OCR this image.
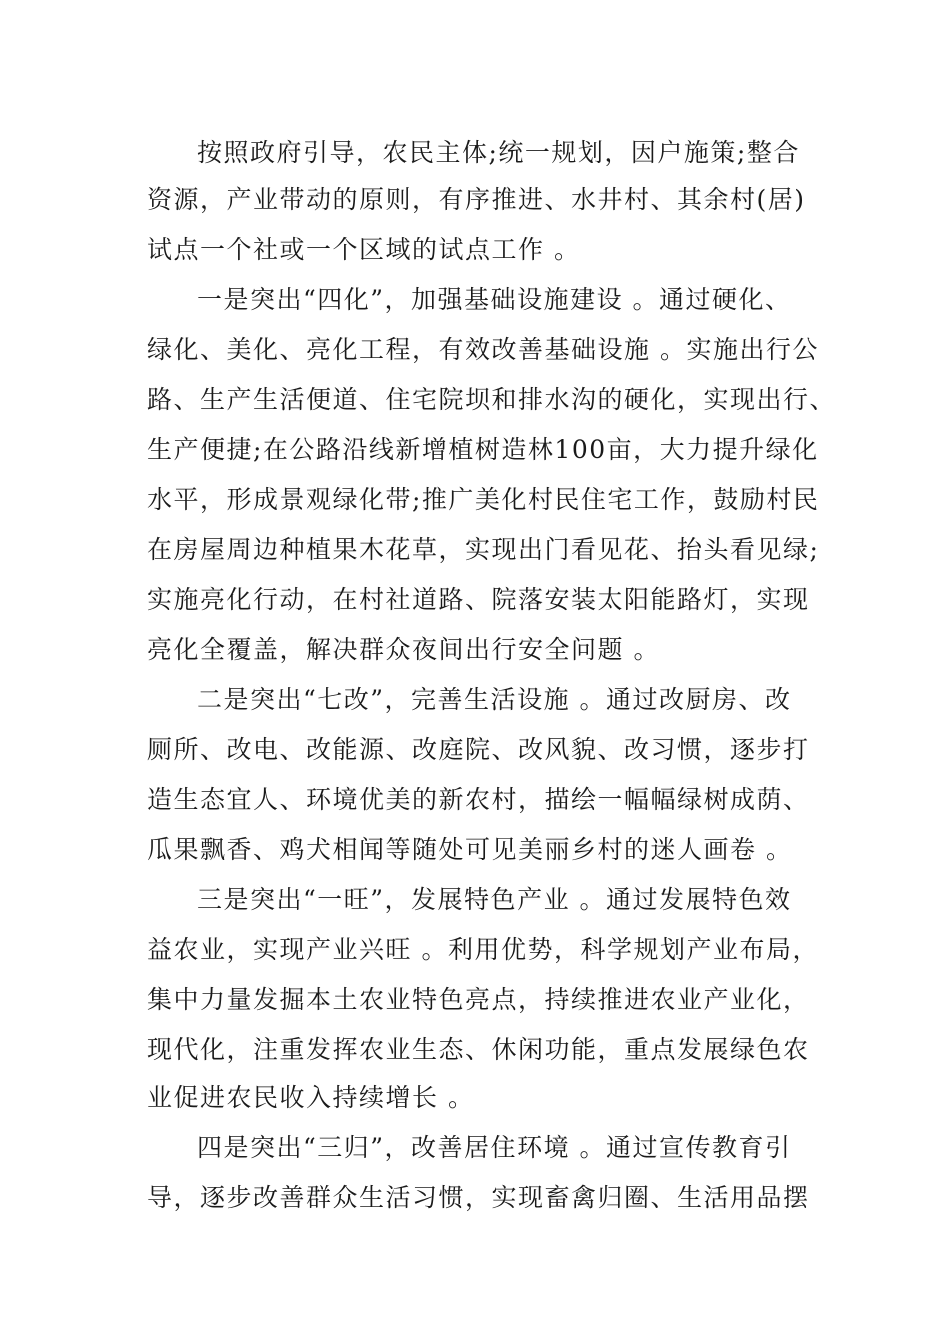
按照政府引导，农民主体;统一规划，因户施策;整合
资源，产业带动的原则，有序推进、水井村、其余村(居)
试点一个社或一个区域的试点工作 。
一是突出“四化”，加强基础设施建设 。通过硬化、
绿化、美化、亮化工程，有效改善基础设施 。实施出行公
路、生产生活便道、住宅院坝和排水沟的硬化，实现出行、
生产便捷;在公路沿线新增植树造林100亩，大力提升绿化
水平，形成景观绿化带;推广美化村民住宅工作，鼓励村民
在房屋周边种植果木花草，实现出门看见花、抬头看见绿;
实施亮化行动，在村社道路、院落安装太阳能路灯，实现
亮化全覆盖，解决群众夜间出行安全问题 。
二是突出“七改”，完善生活设施 。通过改厨房、改
厕所、改电、改能源、改庭院、改风貌、改习惯，逐步打
造生态宜人、环境优美的新农村，描绘一幅幅绿树成荫、
瓜果飘香、鸡犬相闻等随处可见美丽乡村的迷人画卷 。
三是突出“一旺”，发展特色产业 。通过发展特色效
益农业，实现产业兴旺 。利用优势，科学规划产业布局，
集中力量发掘本土农业特色亮点，持续推进农业产业化，
现代化，注重发挥农业生态、休闲功能，重点发展绿色农
业促进农民收入持续增长 。
四是突出“三归”，改善居住环境 。通过宣传教育引
导，逐步改善群众生活习惯，实现畜禽归圈、生活用品摆
